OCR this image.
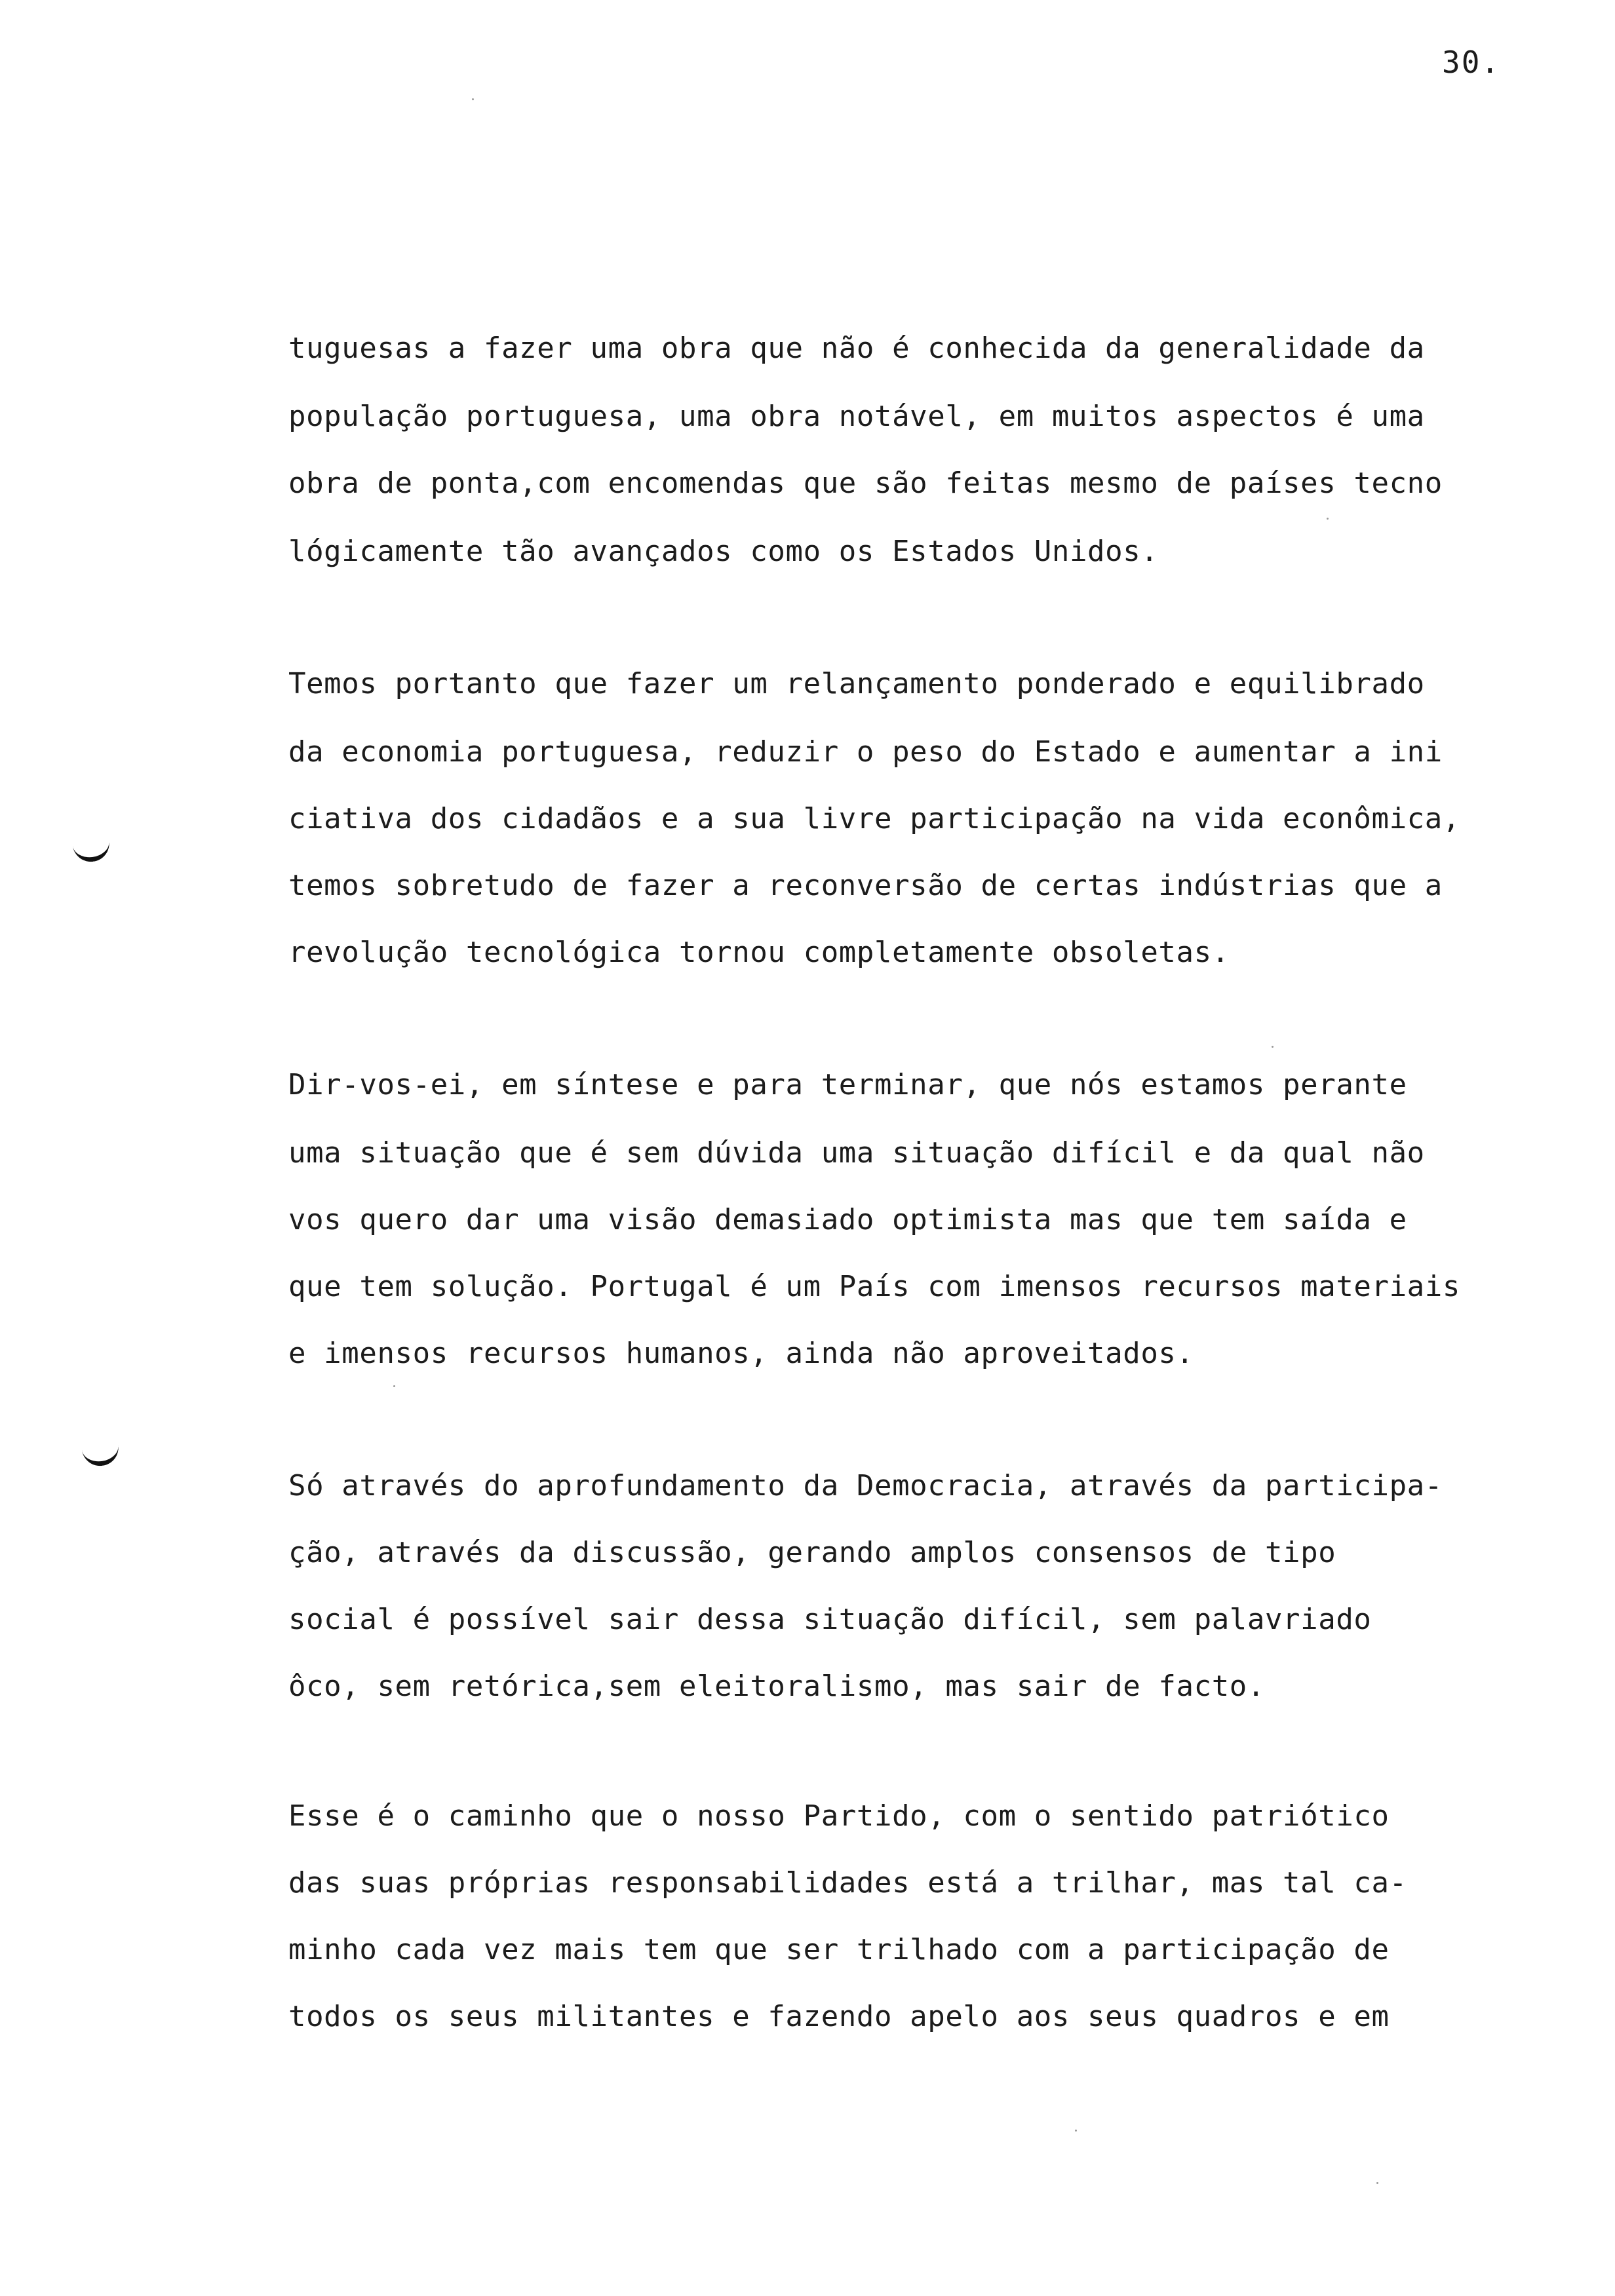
30.
tuguesas a fazer uma obra que não é conhecida da generalidade da
população portuguesa, uma obra notável, em muitos aspectos é uma
obra de ponta,com encomendas que são feitas mesmo de países tecno
lógicamente tão avançados como os Estados Unidos.
Temos portanto que fazer um relançamento ponderado e equilibrado
da economia portuguesa, reduzir o peso do Estado e aumentar a ini
ciativa dos cidadãos e a sua livre participação na vida econômica,
temos sobretudo de fazer a reconversão de certas indústrias que a
revolução tecnológica tornou completamente obsoletas.
Dir-vos-ei, em síntese e para terminar, que nós estamos perante
uma situação que é sem dúvida uma situação difícil e da qual não
vos quero dar uma visão demasiado optimista mas que tem saída e
que tem solução. Portugal é um País com imensos recursos materiais
e imensos recursos humanos, ainda não aproveitados.
Só através do aprofundamento da Democracia, através da participa-
ção, através da discussão, gerando amplos consensos de tipo
social é possível sair dessa situação difícil, sem palavriado
ôco, sem retórica,sem eleitoralismo, mas sair de facto.
Esse é o caminho que o nosso Partido, com o sentido patriótico
das suas próprias responsabilidades está a trilhar, mas tal ca-
minho cada vez mais tem que ser trilhado com a participação de
todos os seus militantes e fazendo apelo aos seus quadros e em
